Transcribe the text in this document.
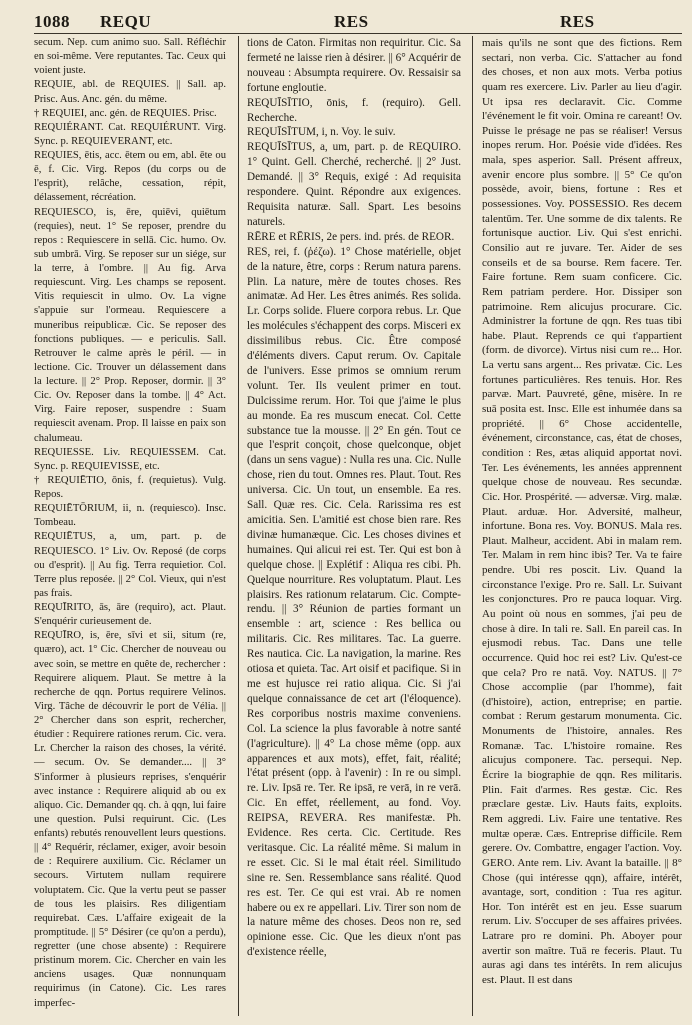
1088 REQU	RES	RES

secum. Nep. cum animo suo. Sall. Réfléchir en soi-même. Vere reputantes. Tac. Ceux qui voient juste.

REQUIE, abl. de REQUIES. || Sall. ap. Prisc. Aus. Anc. gén. du même.

† REQUIEI, anc. gén. de REQUIES. Prisc.

REQUIÉRANT. Cat. REQUIÉRUNT. Virg. Sync. p. REQUIEVERANT, etc.

REQUIES, ētis, acc. ētem ou em, abl. ēte ou ē, f. Cic. Virg. Repos (du corps ou de l'esprit), relâche, cessation, répit, délassement, récréation.

REQUIESCO, is, ēre, quiēvi, quiētum (requies), neut. 1° Se reposer, prendre du repos : Requiescere in sellā. Cic. humo. Ov. sub umbrā. Virg. Se reposer sur un siége, sur la terre, à l'ombre. || Au fig. Arva requiescunt. Virg. Les champs se reposent. Vitis requiescit in ulmo. Ov. La vigne s'appuie sur l'ormeau. Requiescere a muneribus reipublicæ. Cic. Se reposer des fonctions publiques. — e periculis. Sall. Retrouver le calme après le péril. — in lectione. Cic. Trouver un délassement dans la lecture. || 2° Prop. Reposer, dormir. || 3° Cic. Ov. Reposer dans la tombe. || 4° Act. Virg. Faire reposer, suspendre : Suam requiescit avenam. Prop. Il laisse en paix son chalumeau.

REQUIESSE. Liv. REQUIESSEM. Cat. Sync. p. REQUIEVISSE, etc.

† REQUIĒTIO, ōnis, f. (requietus). Vulg. Repos.

REQUIĒTŌRIUM, ii, n. (requiesco). Insc. Tombeau.

REQUIĒTUS, a, um, part. p. de REQUIESCO. 1° Liv. Ov. Reposé (de corps ou d'esprit). || Au fig. Terra requietior. Col. Terre plus reposée. || 2° Col. Vieux, qui n'est pas frais.

REQUĪRITO, ās, āre (requiro), act. Plaut. S'enquérir curieusement de.

REQUĪRO, is, ēre, sīvi et sii, situm (re, quæro), act. 1° Cic. Chercher de nouveau ou avec soin, se mettre en quête de, rechercher : Requirere aliquem. Plaut. Se mettre à la recherche de qqn. Portus requirere Velinos. Virg. Tâche de découvrir le port de Vélia. || 2° Chercher dans son esprit, rechercher, étudier : Requirere rationes rerum. Cic. vera. Lr. Chercher la raison des choses, la vérité. — secum. Ov. Se demander.... || 3° S'informer à plusieurs reprises, s'enquérir avec instance : Requirere aliquid ab ou ex aliquo. Cic. Demander qq. ch. à qqn, lui faire une question. Pulsi requirunt. Cic. (Les enfants) rebutés renouvellent leurs questions. || 4° Requérir, réclamer, exiger, avoir besoin de : Requirere auxilium. Cic. Réclamer un secours. Virtutem nullam requirere voluptatem. Cic. Que la vertu peut se passer de tous les plaisirs. Res diligentiam requirebat. Cæs. L'affaire exigeait de la promptitude. || 5° Désirer (ce qu'on a perdu), regretter (une chose absente) : Requirere pristinum morem. Cic. Chercher en vain les anciens usages. Quæ nonnunquam requirimus (in Catone). Cic. Les rares imperfec-

tions de Caton. Firmitas non requiritur. Cic. Sa fermeté ne laisse rien à désirer. || 6° Acquérir de nouveau : Absumpta requirere. Ov. Ressaisir sa fortune engloutie.

REQUĪSĪTIO, ōnis, f. (requiro). Gell. Recherche.

REQUĪSĪTUM, i, n. Voy. le suiv.

REQUĪSĪTUS, a, um, part. p. de REQUIRO. 1° Quint. Gell. Cherché, recherché. || 2° Just. Demandé. || 3° Requis, exigé : Ad requisita respondere. Quint. Répondre aux exigences. Requisita naturæ. Sall. Spart. Les besoins naturels.

RĒRE et RĒRIS, 2e pers. ind. prés. de REOR.

RES, rei, f. (ῥέζω). 1° Chose matérielle, objet de la nature, être, corps : Rerum natura parens. Plin. La nature, mère de toutes choses. Res animatæ. Ad Her. Les êtres animés. Res solida. Lr. Corps solide. Fluere corpora rebus. Lr. Que les molécules s'échappent des corps. Misceri ex dissimilibus rebus. Cic. Être composé d'éléments divers. Caput rerum. Ov. Capitale de l'univers. Esse primos se omnium rerum volunt. Ter. Ils veulent primer en tout. Dulcissime rerum. Hor. Toi que j'aime le plus au monde. Ea res muscum enecat. Col. Cette substance tue la mousse. || 2° En gén. Tout ce que l'esprit conçoit, chose quelconque, objet (dans un sens vague) : Nulla res una. Cic. Nulle chose, rien du tout. Omnes res. Plaut. Tout. Res universa. Cic. Un tout, un ensemble. Ea res. Sall. Quæ res. Cic. Cela. Rarissima res est amicitia. Sen. L'amitié est chose bien rare. Res divinæ humanæque. Cic. Les choses divines et humaines. Qui alicui rei est. Ter. Qui est bon à quelque chose. || Explétif : Aliqua res cibi. Ph. Quelque nourriture. Res voluptatum. Plaut. Les plaisirs. Res rationum relatarum. Cic. Compte-rendu. || 3° Réunion de parties formant un ensemble : art, science : Res bellica ou militaris. Cic. Res militares. Tac. La guerre. Res nautica. Cic. La navigation, la marine. Res otiosa et quieta. Tac. Art oisif et pacifique. Si in me est hujusce rei ratio aliqua. Cic. Si j'ai quelque connaissance de cet art (l'éloquence). Res corporibus nostris maxime conveniens. Col. La science la plus favorable à notre santé (l'agriculture). || 4° La chose même (opp. aux apparences et aux mots), effet, fait, réalité; l'état présent (opp. à l'avenir) : In re ou simpl. re. Liv. Ipsā re. Ter. Re ipsā, re verā, in re verā. Cic. En effet, réellement, au fond. Voy. REIPSA, REVERA. Res manifestæ. Ph. Evidence. Res certa. Cic. Certitude. Res veritasque. Cic. La réalité même. Si malum in re esset. Cic. Si le mal était réel. Similitudo sine re. Sen. Ressemblance sans réalité. Quod res est. Ter. Ce qui est vrai. Ab re nomen habere ou ex re appellari. Liv. Tirer son nom de la nature même des choses. Deos non re, sed opinione esse. Cic. Que les dieux n'ont pas d'existence réelle,

mais qu'ils ne sont que des fictions. Rem sectari, non verba. Cic. S'attacher au fond des choses, et non aux mots. Verba potius quam res exercere. Liv. Parler au lieu d'agir. Ut ipsa res declaravit. Cic. Comme l'événement le fit voir. Omina re careant! Ov. Puisse le présage ne pas se réaliser! Versus inopes rerum. Hor. Poésie vide d'idées. Res mala, spes asperior. Sall. Présent affreux, avenir encore plus sombre. || 5° Ce qu'on possède, avoir, biens, fortune : Res et possessiones. Voy. POSSESSIO. Res decem talentūm. Ter. Une somme de dix talents. Re fortunisque auctior. Liv. Qui s'est enrichi. Consilio aut re juvare. Ter. Aider de ses conseils et de sa bourse. Rem facere. Ter. Faire fortune. Rem suam conficere. Cic. Rem patriam perdere. Hor. Dissiper son patrimoine. Rem alicujus procurare. Cic. Administrer la fortune de qqn. Res tuas tibi habe. Plaut. Reprends ce qui t'appartient (form. de divorce). Virtus nisi cum re... Hor. La vertu sans argent... Res privatæ. Cic. Les fortunes particulières. Res tenuis. Hor. Res parvæ. Mart. Pauvreté, gêne, misère. In re suā posita est. Insc. Elle est inhumée dans sa propriété. || 6° Chose accidentelle, événement, circonstance, cas, état de choses, condition : Res, ætas aliquid apportat novi. Ter. Les événements, les années apprennent quelque chose de nouveau. Res secundæ. Cic. Hor. Prospérité. — adversæ. Virg. malæ. Plaut. arduæ. Hor. Adversité, malheur, infortune. Bona res. Voy. BONUS. Mala res. Plaut. Malheur, accident. Abi in malam rem. Ter. Malam in rem hinc ibis? Ter. Va te faire pendre. Ubi res poscit. Liv. Quand la circonstance l'exige. Pro re. Sall. Lr. Suivant les conjonctures. Pro re pauca loquar. Virg. Au point où nous en sommes, j'ai peu de chose à dire. In tali re. Sall. En pareil cas. In ejusmodi rebus. Tac. Dans une telle occurrence. Quid hoc rei est? Liv. Qu'est-ce que cela? Pro re natā. Voy. NATUS. || 7° Chose accomplie (par l'homme), fait (d'histoire), action, entreprise; en partie. combat : Rerum gestarum monumenta. Cic. Monuments de l'histoire, annales. Res Romanæ. Tac. L'histoire romaine. Res alicujus componere. Tac. persequi. Nep. Écrire la biographie de qqn. Res militaris. Plin. Fait d'armes. Res gestæ. Cic. Res præclare gestæ. Liv. Hauts faits, exploits. Rem aggredi. Liv. Faire une tentative. Res multæ operæ. Cæs. Entreprise difficile. Rem gerere. Ov. Combattre, engager l'action. Voy. GERO. Ante rem. Liv. Avant la bataille. || 8° Chose (qui intéresse qqn), affaire, intérêt, avantage, sort, condition : Tua res agitur. Hor. Ton intérêt est en jeu. Esse suarum rerum. Liv. S'occuper de ses affaires privées. Latrare pro re domini. Ph. Aboyer pour avertir son maître. Tuā re feceris. Plaut. Tu auras agi dans tes intérêts. In rem alicujus est. Plaut. Il est dans
